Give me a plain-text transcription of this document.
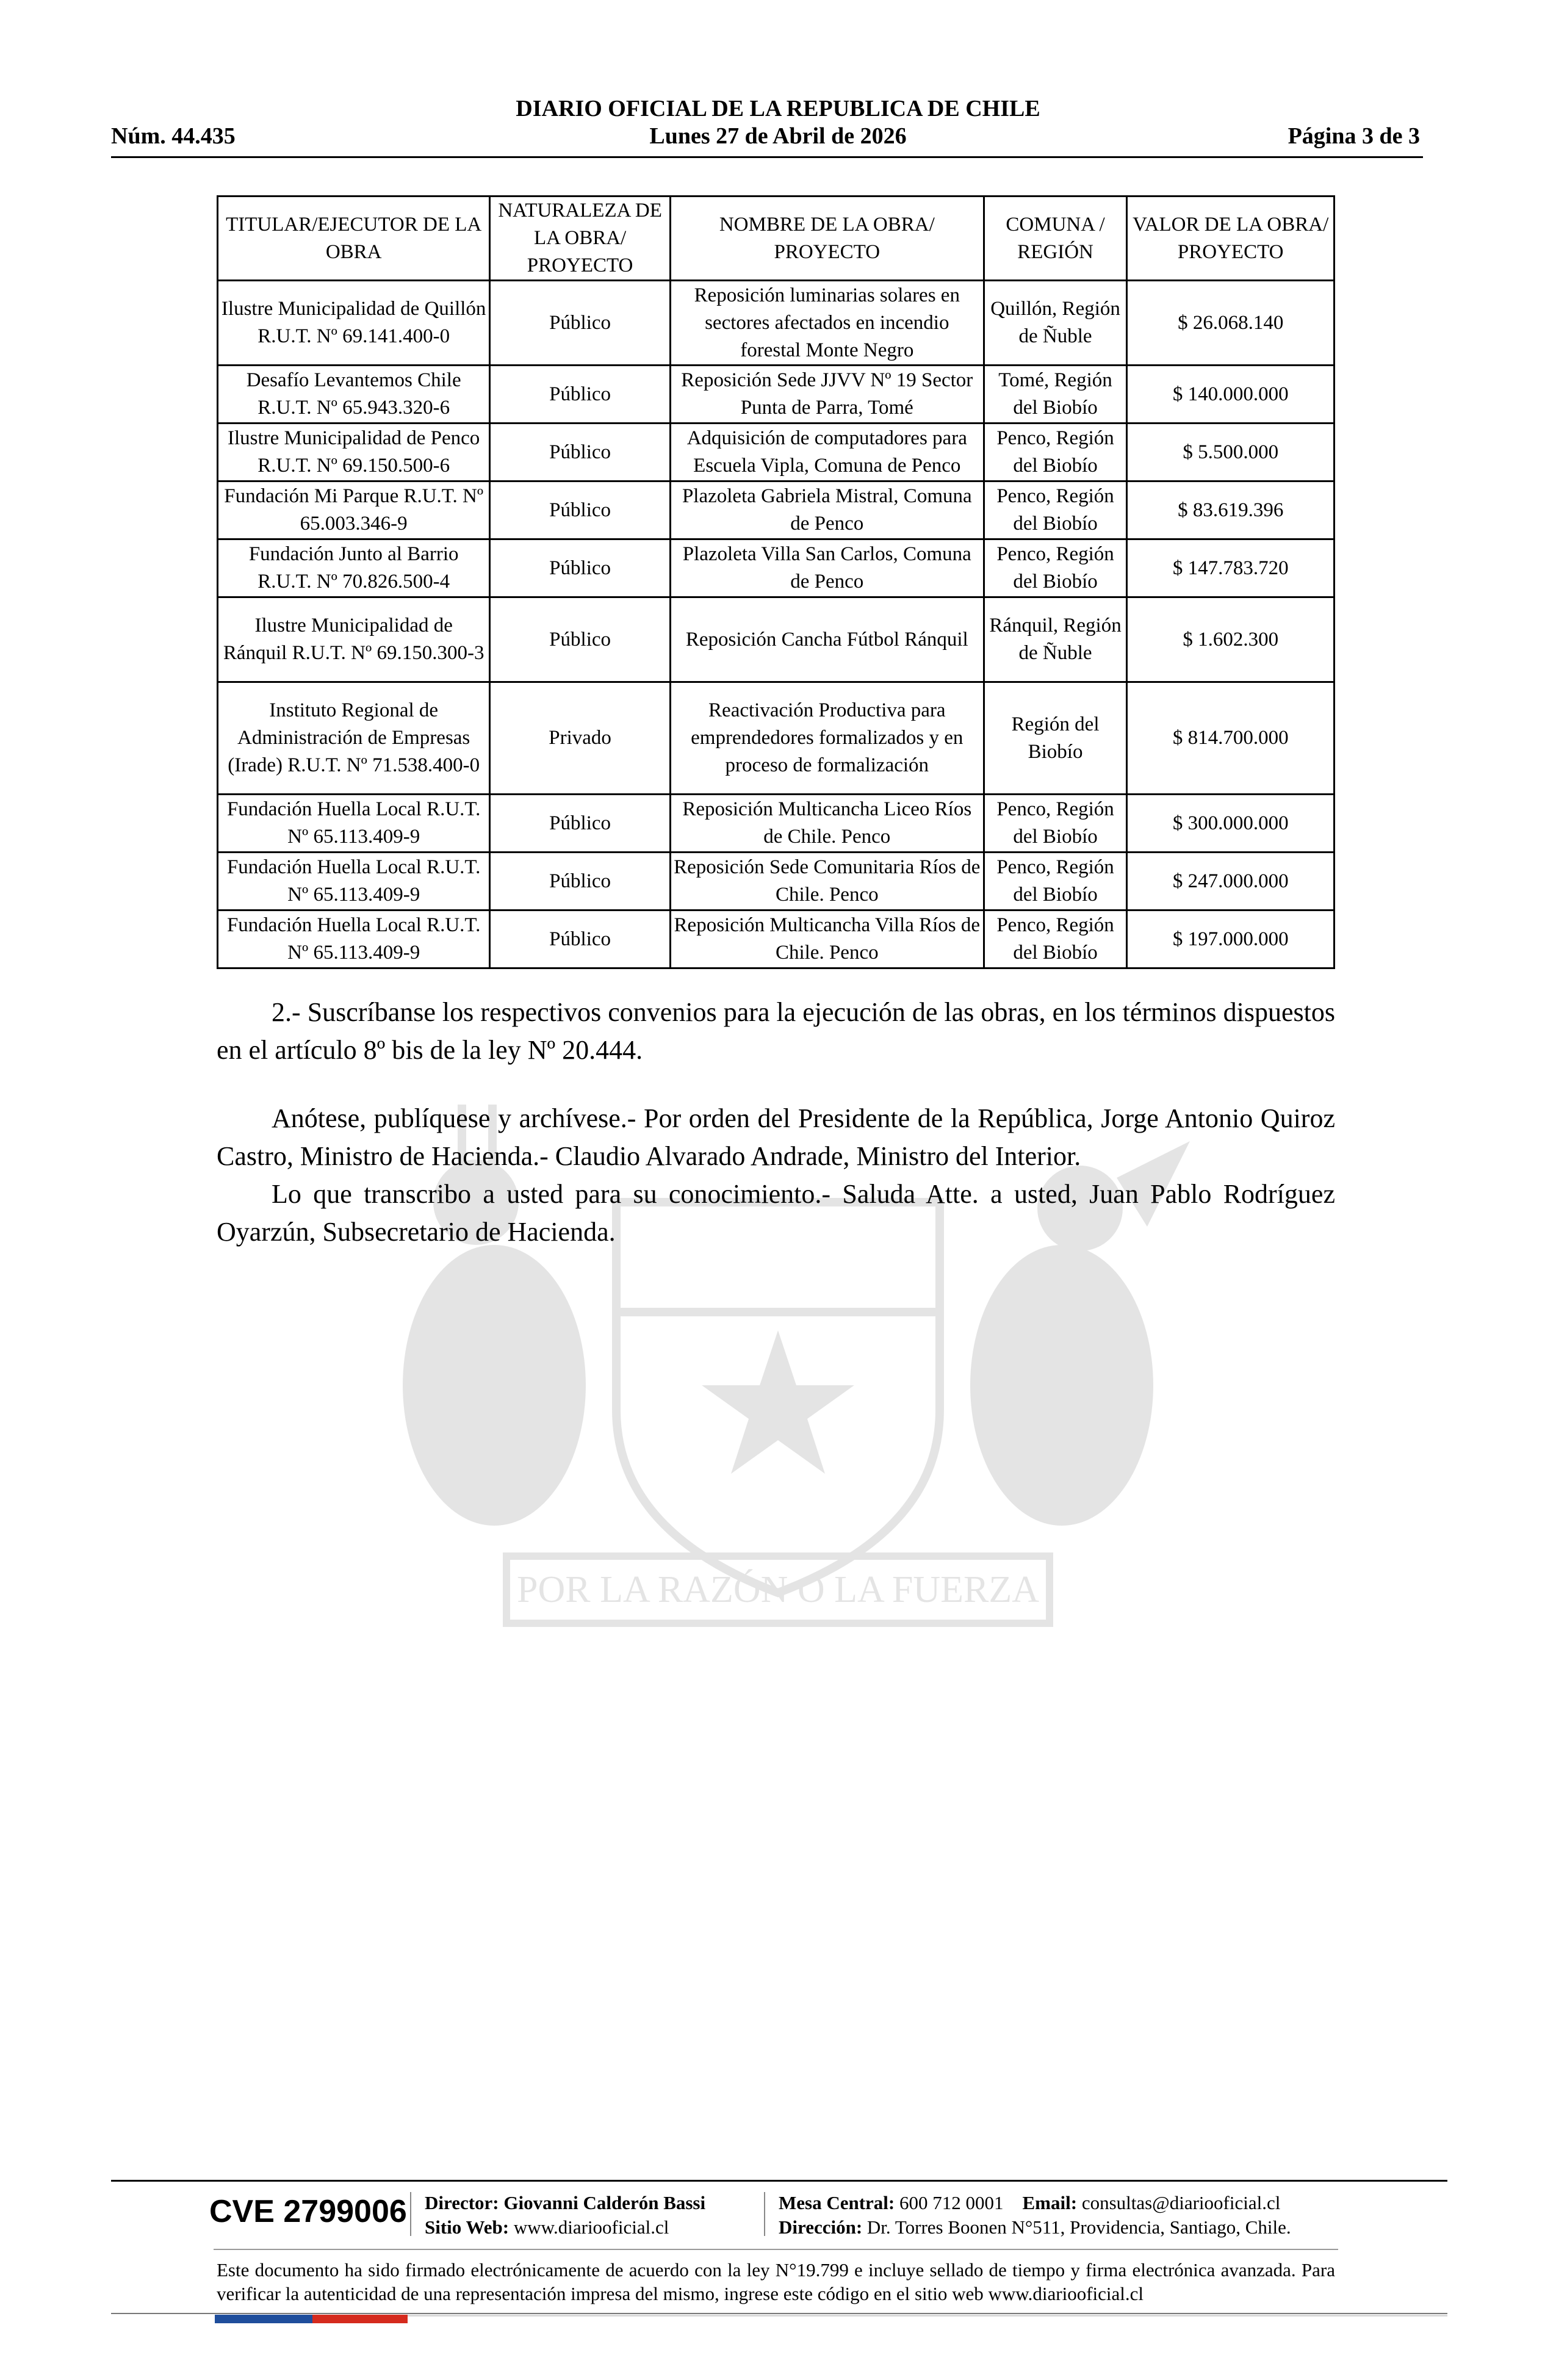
POR LA RAZÓN O LA FUERZA
DIARIO OFICIAL DE LA REPUBLICA DE CHILE
Núm. 44.435	Lunes 27 de Abril de 2026	Página 3 de 3
TITULAR/EJECUTOR DE LA OBRA	NATURALEZA DE LA OBRA/ PROYECTO	NOMBRE DE LA OBRA/ PROYECTO	COMUNA / REGIÓN	VALOR DE LA OBRA/ PROYECTO
Ilustre Municipalidad de Quillón R.U.T. Nº 69.141.400-0	Público	Reposición luminarias solares en sectores afectados en incendio forestal Monte Negro	Quillón, Región de Ñuble	$ 26.068.140
Desafío Levantemos Chile R.U.T. Nº 65.943.320-6	Público	Reposición Sede JJVV Nº 19 Sector Punta de Parra, Tomé	Tomé, Región del Biobío	$ 140.000.000
Ilustre Municipalidad de Penco R.U.T. Nº 69.150.500-6	Público	Adquisición de computadores para Escuela Vipla, Comuna de Penco	Penco, Región del Biobío	$ 5.500.000
Fundación Mi Parque R.U.T. Nº 65.003.346-9	Público	Plazoleta Gabriela Mistral, Comuna de Penco	Penco, Región del Biobío	$ 83.619.396
Fundación Junto al Barrio R.U.T. Nº 70.826.500-4	Público	Plazoleta Villa San Carlos, Comuna de Penco	Penco, Región del Biobío	$ 147.783.720
Ilustre Municipalidad de Ránquil R.U.T. Nº 69.150.300-3	Público	Reposición Cancha Fútbol Ránquil	Ránquil, Región de Ñuble	$ 1.602.300
Instituto Regional de Administración de Empresas (Irade) R.U.T. Nº 71.538.400-0	Privado	Reactivación Productiva para emprendedores formalizados y en proceso de formalización	Región del Biobío	$ 814.700.000
Fundación Huella Local R.U.T. Nº 65.113.409-9	Público	Reposición Multicancha Liceo Ríos de Chile. Penco	Penco, Región del Biobío	$ 300.000.000
Fundación Huella Local R.U.T. Nº 65.113.409-9	Público	Reposición Sede Comunitaria Ríos de Chile. Penco	Penco, Región del Biobío	$ 247.000.000
Fundación Huella Local R.U.T. Nº 65.113.409-9	Público	Reposición Multicancha Villa Ríos de Chile. Penco	Penco, Región del Biobío	$ 197.000.000
2.- Suscríbanse los respectivos convenios para la ejecución de las obras, en los términos dispuestos en el artículo 8º bis de la ley Nº 20.444.
Anótese, publíquese y archívese.- Por orden del Presidente de la República, Jorge Antonio Quiroz Castro, Ministro de Hacienda.- Claudio Alvarado Andrade, Ministro del Interior.
Lo que transcribo a usted para su conocimiento.- Saluda Atte. a usted, Juan Pablo Rodríguez Oyarzún, Subsecretario de Hacienda.
CVE 2799006 Director: Giovanni Calderón Bassi
Sitio Web: www.diariooficial.cl
Mesa Central: 600 712 0001 Email: consultas@diariooficial.cl
Dirección: Dr. Torres Boonen N°511, Providencia, Santiago, Chile.
Este documento ha sido firmado electrónicamente de acuerdo con la ley N°19.799 e incluye sellado de tiempo y firma electrónica avanzada. Para verificar la autenticidad de una representación impresa del mismo, ingrese este código en el sitio web www.diariooficial.cl
